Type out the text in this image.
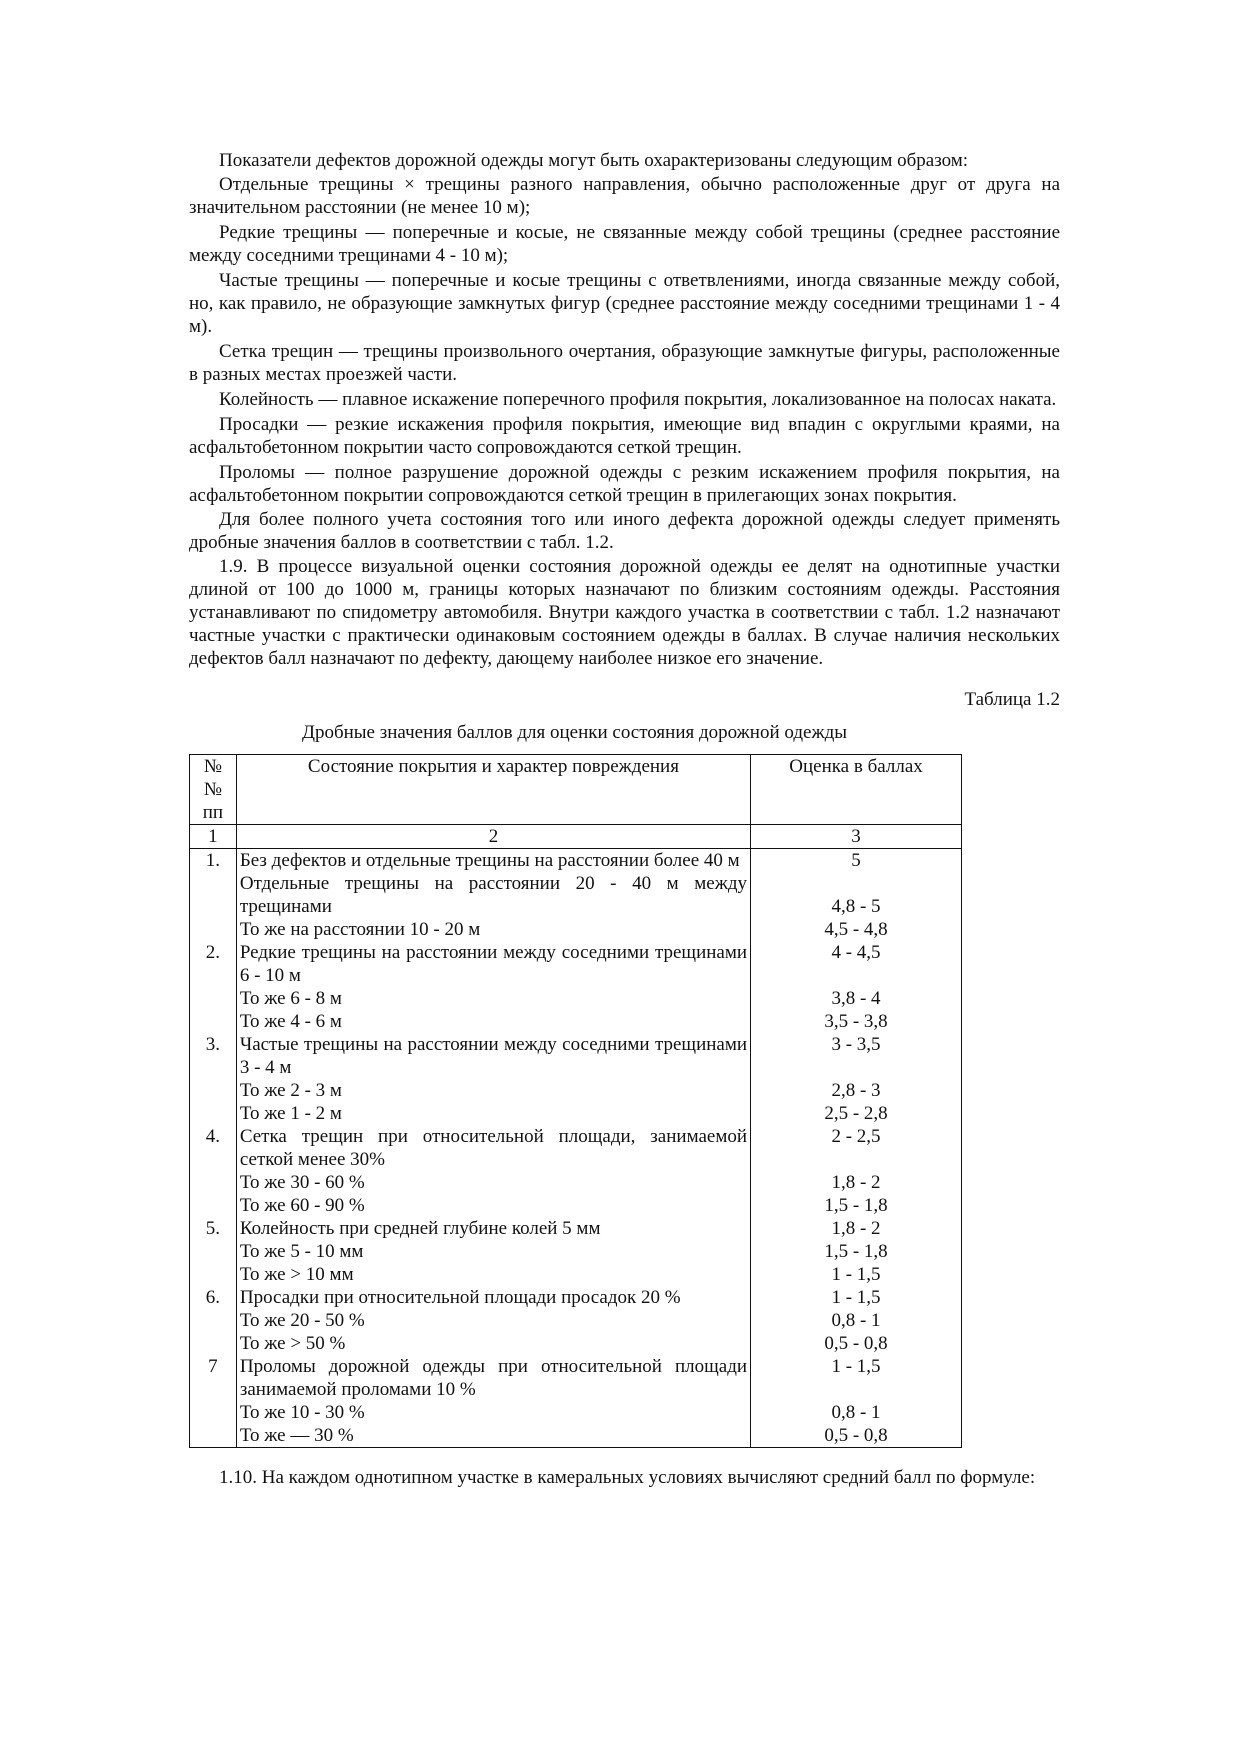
Показатели дефектов дорожной одежды могут быть охарактеризованы следующим образом:

Отдельные трещины × трещины разного направления, обычно расположенные друг от друга на значительном расстоянии (не менее 10 м);

Редкие трещины — поперечные и косые, не связанные между собой трещины (среднее расстояние между соседними трещинами 4 - 10 м);

Частые трещины — поперечные и косые трещины с ответвлениями, иногда связанные между собой, но, как правило, не образующие замкнутых фигур (среднее расстояние между соседними трещинами 1 - 4 м).

Сетка трещин — трещины произвольного очертания, образующие замкнутые фигуры, расположенные в разных местах проезжей части.

Колейность — плавное искажение поперечного профиля покрытия, локализованное на полосах наката.

Просадки — резкие искажения профиля покрытия, имеющие вид впадин с округлыми краями, на асфальтобетонном покрытии часто сопровождаются сеткой трещин.

Проломы — полное разрушение дорожной одежды с резким искажением профиля покрытия, на асфальтобетонном покрытии сопровождаются сеткой трещин в прилегающих зонах покрытия.

Для более полного учета состояния того или иного дефекта дорожной одежды следует применять дробные значения баллов в соответствии с табл. 1.2.

1.9. В процессе визуальной оценки состояния дорожной одежды ее делят на однотипные участки длиной от 100 до 1000 м, границы которых назначают по близким состояниям одежды. Расстояния устанавливают по спидометру автомобиля. Внутри каждого участка в соответствии с табл. 1.2 назначают частные участки с практически одинаковым состоянием одежды в баллах. В случае наличия нескольких дефектов балл назначают по дефекту, дающему наиболее низкое его значение.

Таблица 1.2

Дробные значения баллов для оценки состояния дорожной одежды

№ № пп	Состояние покрытия и характер повреждения	Оценка в баллах
1	2	3
1.	Без дефектов и отдельные трещины на расстоянии более 40 м	5
	Отдельные трещины на расстоянии 20 - 40 м между трещинами	4,8 - 5
	То же на расстоянии 10 - 20 м	4,5 - 4,8
2.	Редкие трещины на расстоянии между соседними трещинами 6 - 10 м	4 - 4,5
	То же 6 - 8 м	3,8 - 4
	То же 4 - 6 м	3,5 - 3,8
3.	Частые трещины на расстоянии между соседними трещинами 3 - 4 м	3 - 3,5
	То же 2 - 3 м	2,8 - 3
	То же 1 - 2 м	2,5 - 2,8
4.	Сетка трещин при относительной площади, занимаемой сеткой менее 30%	2 - 2,5
	То же 30 - 60 %	1,8 - 2
	То же 60 - 90 %	1,5 - 1,8
5.	Колейность при средней глубине колей 5 мм	1,8 - 2
	То же 5 - 10 мм	1,5 - 1,8
	То же > 10 мм	1 - 1,5
6.	Просадки при относительной площади просадок 20 %	1 - 1,5
	То же 20 - 50 %	0,8 - 1
	То же > 50 %	0,5 - 0,8
7	Проломы дорожной одежды при относительной площади занимаемой проломами 10 %	1 - 1,5
	То же 10 - 30 %	0,8 - 1
	То же — 30 %	0,5 - 0,8

1.10. На каждом однотипном участке в камеральных условиях вычисляют средний балл по формуле:
